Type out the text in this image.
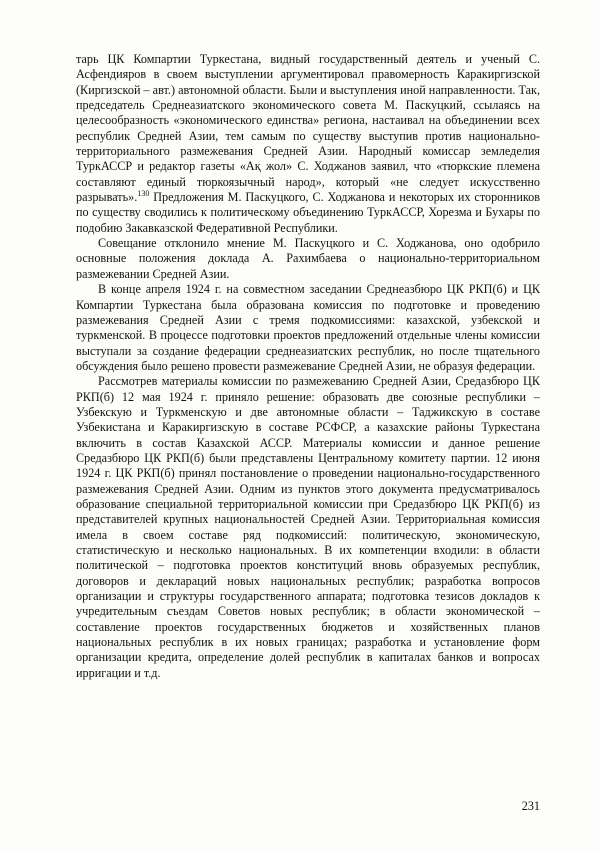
тарь ЦК Компартии Туркестана, видный государственный деятель и ученый С. Асфендияров в своем выступлении аргументировал правомерность Каракиргизской (Киргизской – авт.) автономной области. Были и выступления иной направленности. Так, председатель Среднеазиатского экономического совета М. Паскуцкий, ссылаясь на целесообразность «экономического единства» региона, настаивал на объединении всех республик Средней Азии, тем самым по существу выступив против национально-территориального размежевания Средней Азии. Народный комиссар земледелия ТуркАССР и редактор газеты «Ақ жол» С. Ходжанов заявил, что «тюркские племена составляют единый тюркоязычный народ», который «не следует искусственно разрывать».$^{130}$ Предложения М. Паскуцкого, С. Ходжанова и некоторых их сторонников по существу сводились к политическому объединению ТуркАССР, Хорезма и Бухары по подобию Закавказской Федеративной Республики.

Совещание отклонило мнение М. Паскуцкого и С. Ходжанова, оно одобрило основные положения доклада А. Рахимбаева о национально-территориальном размежевании Средней Азии.

В конце апреля 1924 г. на совместном заседании Среднеазбюро ЦК РКП(б) и ЦК Компартии Туркестана была образована комиссия по подготовке и проведению размежевания Средней Азии с тремя подкомиссиями: казахской, узбекской и туркменской. В процессе подготовки проектов предложений отдельные члены комиссии выступали за создание федерации среднеазиатских республик, но после тщательного обсуждения было решено провести размежевание Средней Азии, не образуя федерации.

Рассмотрев материалы комиссии по размежеванию Средней Азии, Средазбюро ЦК РКП(б) 12 мая 1924 г. приняло решение: образовать две союзные республики – Узбекскую и Туркменскую и две автономные области – Таджикскую в составе Узбекистана и Каракиргизскую в составе РСФСР, а казахские районы Туркестана включить в состав Казахской АССР. Материалы комиссии и данное решение Средазбюро ЦК РКП(б) были представлены Центральному комитету партии. 12 июня 1924 г. ЦК РКП(б) принял постановление о проведении национально-государственного размежевания Средней Азии. Одним из пунктов этого документа предусматривалось образование специальной территориальной комиссии при Средазбюро ЦК РКП(б) из представителей крупных национальностей Средней Азии. Территориальная комиссия имела в своем составе ряд подкомиссий: политическую, экономическую, статистическую и несколько национальных. В их компетенции входили: в области политической – подготовка проектов конституций вновь образуемых республик, договоров и деклараций новых национальных республик; разработка вопросов организации и структуры государственного аппарата; подготовка тезисов докладов к учредительным съездам Советов новых республик; в области экономической – составление проектов государственных бюджетов и хозяйственных планов национальных республик в их новых границах; разработка и установление форм организации кредита, определение долей республик в капиталах банков и вопросах ирригации и т.д.

231
